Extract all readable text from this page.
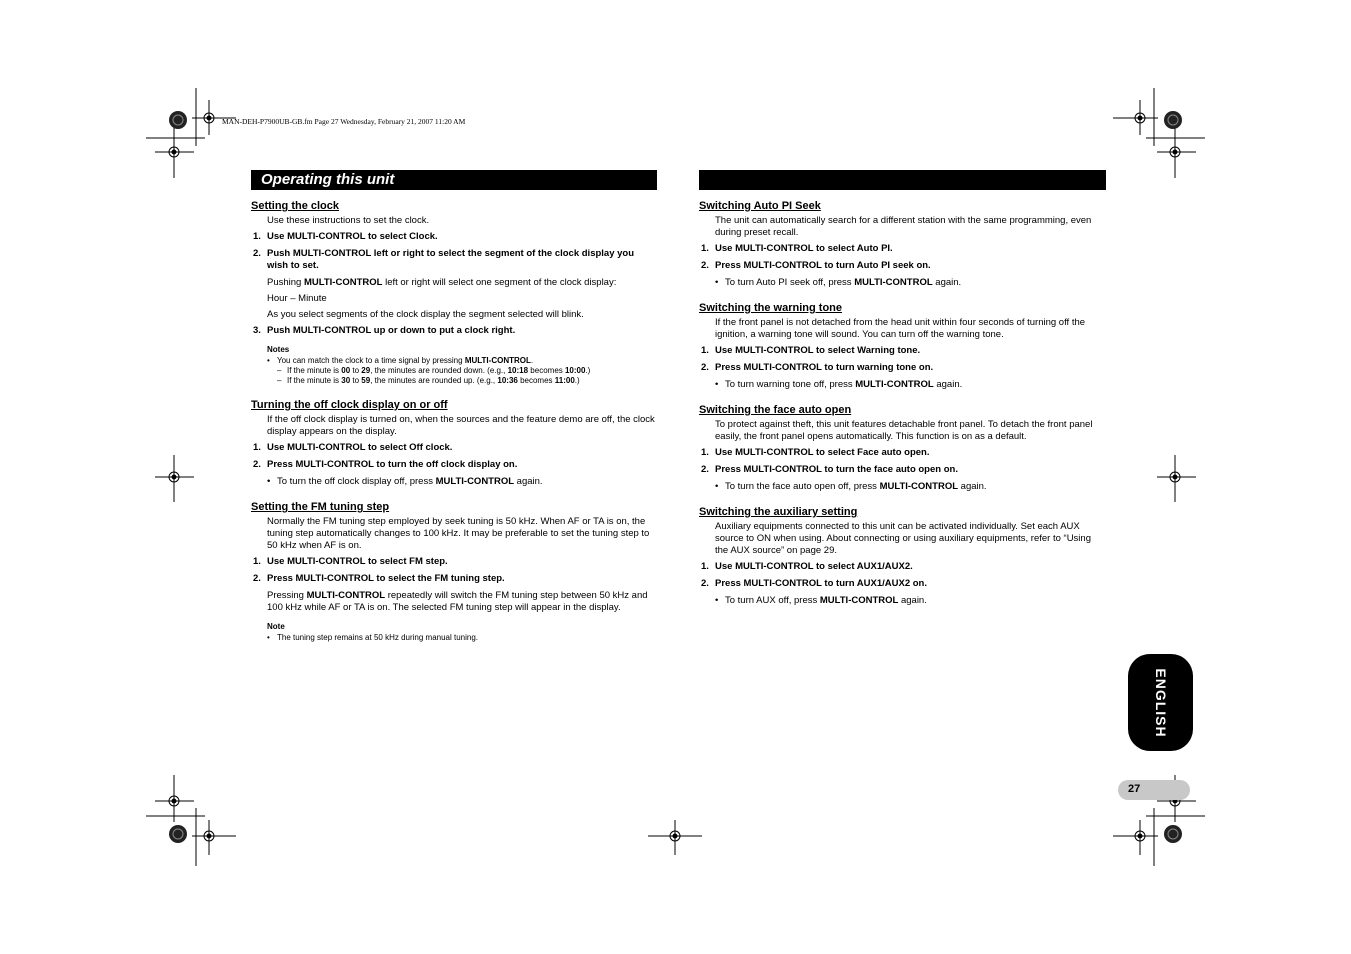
MAN-DEH-P7900UB-GB.fm Page 27 Wednesday, February 21, 2007 11:20 AM
Operating this unit
Setting the clock
Use these instructions to set the clock.
1. Use MULTI-CONTROL to select Clock.
2. Push MULTI-CONTROL left or right to select the segment of the clock display you wish to set.
Pushing MULTI-CONTROL left or right will select one segment of the clock display:
Hour – Minute
As you select segments of the clock display the segment selected will blink.
3. Push MULTI-CONTROL up or down to put a clock right.
Notes
• You can match the clock to a time signal by pressing MULTI-CONTROL.
– If the minute is 00 to 29, the minutes are rounded down. (e.g., 10:18 becomes 10:00.)
– If the minute is 30 to 59, the minutes are rounded up. (e.g., 10:36 becomes 11:00.)
Turning the off clock display on or off
If the off clock display is turned on, when the sources and the feature demo are off, the clock display appears on the display.
1. Use MULTI-CONTROL to select Off clock.
2. Press MULTI-CONTROL to turn the off clock display on.
• To turn the off clock display off, press MULTI-CONTROL again.
Setting the FM tuning step
Normally the FM tuning step employed by seek tuning is 50 kHz. When AF or TA is on, the tuning step automatically changes to 100 kHz. It may be preferable to set the tuning step to 50 kHz when AF is on.
1. Use MULTI-CONTROL to select FM step.
2. Press MULTI-CONTROL to select the FM tuning step.
Pressing MULTI-CONTROL repeatedly will switch the FM tuning step between 50 kHz and 100 kHz while AF or TA is on. The selected FM tuning step will appear in the display.
Note
• The tuning step remains at 50 kHz during manual tuning.
Switching Auto PI Seek
The unit can automatically search for a different station with the same programming, even during preset recall.
1. Use MULTI-CONTROL to select Auto PI.
2. Press MULTI-CONTROL to turn Auto PI seek on.
• To turn Auto PI seek off, press MULTI-CONTROL again.
Switching the warning tone
If the front panel is not detached from the head unit within four seconds of turning off the ignition, a warning tone will sound. You can turn off the warning tone.
1. Use MULTI-CONTROL to select Warning tone.
2. Press MULTI-CONTROL to turn warning tone on.
• To turn warning tone off, press MULTI-CONTROL again.
Switching the face auto open
To protect against theft, this unit features detachable front panel. To detach the front panel easily, the front panel opens automatically. This function is on as a default.
1. Use MULTI-CONTROL to select Face auto open.
2. Press MULTI-CONTROL to turn the face auto open on.
• To turn the face auto open off, press MULTI-CONTROL again.
Switching the auxiliary setting
Auxiliary equipments connected to this unit can be activated individually. Set each AUX source to ON when using. About connecting or using auxiliary equipments, refer to “Using the AUX source” on page 29.
1. Use MULTI-CONTROL to select AUX1/AUX2.
2. Press MULTI-CONTROL to turn AUX1/AUX2 on.
• To turn AUX off, press MULTI-CONTROL again.
ENGLISH
27
